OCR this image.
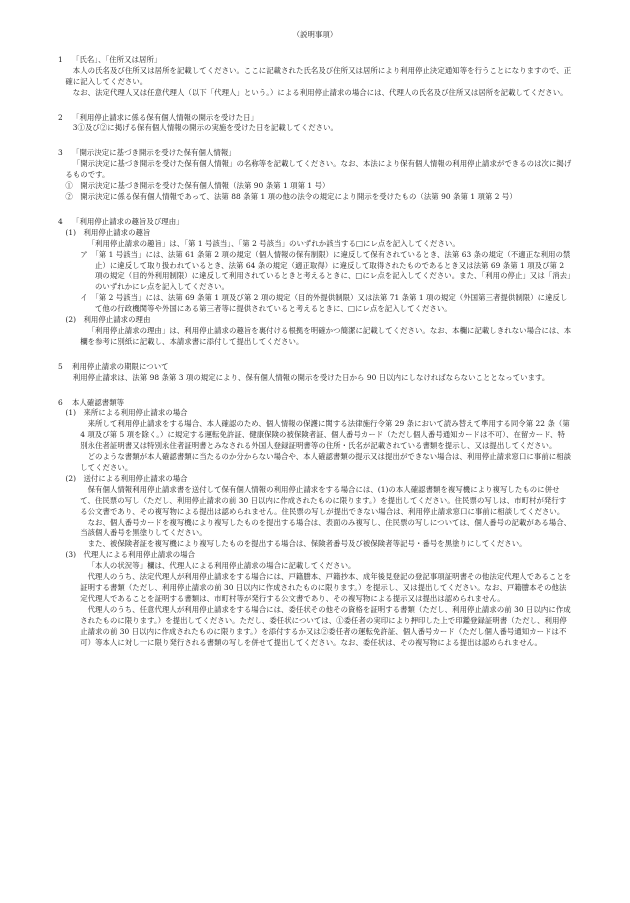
（説明事項）
1 「氏名」、「住所又は居所」
本人の氏名及び住所又は居所を記載してください。ここに記載された氏名及び住所又は居所により利用停止決定通知等を行うことになりますので、正確に記入してください。
なお、法定代理人又は任意代理人（以下「代理人」という。）による利用停止請求の場合には、代理人の氏名及び住所又は居所を記載してください。
2 「利用停止請求に係る保有個人情報の開示を受けた日」
3①及び②に掲げる保有個人情報の開示の実施を受けた日を記載してください。
3 「開示決定に基づき開示を受けた保有個人情報」
「開示決定に基づき開示を受けた保有個人情報」の名称等を記載してください。なお、本法により保有個人情報の利用停止請求ができるのは次に掲げるものです。
①　開示決定に基づき開示を受けた保有個人情報（法第 90 条第 1 項第 1 号）
②　開示決定に係る保有個人情報であって、法第 88 条第 1 項の他の法令の規定により開示を受けたもの（法第 90 条第 1 項第 2 号）
4 「利用停止請求の趣旨及び理由」
(1)　利用停止請求の趣旨
「利用停止請求の趣旨」は、「第 1 号該当」、「第 2 号該当」のいずれか該当する□にレ点を記入してください。
ア　「第 1 号該当」には、法第 61 条第 2 項の規定（個人情報の保有制限）に違反して保有されているとき、法第 63 条の規定（不適正な利用の禁止）に違反して取り扱われているとき、法第 64 条の規定（適正取得）に違反して取得されたものであるとき又は法第 69 条第 1 項及び第 2 項の規定（目的外利用制限）に違反して利用されているときと考えるときに、□にレ点を記入してください。また、「利用の停止」又は「消去」のいずれかにレ点を記入してください。
イ　「第 2 号該当」には、法第 69 条第 1 項及び第 2 項の規定（目的外提供制限）又は法第 71 条第 1 項の規定（外国第三者提供制限）に違反して他の行政機関等や外国にある第三者等に提供されていると考えるときに、□にレ点を記入してください。
(2)　利用停止請求の理由
「利用停止請求の理由」は、利用停止請求の趣旨を裏付ける根拠を明確かつ簡潔に記載してください。なお、本欄に記載しきれない場合には、本欄を参考に別紙に記載し、本請求書に添付して提出してください。
5 利用停止請求の期限について
利用停止請求は、法第 98 条第 3 項の規定により、保有個人情報の開示を受けた日から 90 日以内にしなければならないこととなっています。
6 本人確認書類等
(1)　来所による利用停止請求の場合
来所して利用停止請求をする場合、本人確認のため、個人情報の保護に関する法律施行令第 29 条において読み替えて準用する同令第 22 条（第 4 項及び第 5 項を除く。）に規定する運転免許証、健康保険の被保険者証、個人番号カード（ただし個人番号通知カードは不可）、在留カード、特別永住者証明書又は特別永住者証明書とみなされる外国人登録証明書等の住所・氏名が記載されている書類を提示し、又は提出してください。
どのような書類が本人確認書類に当たるのか分からない場合や、本人確認書類の提示又は提出ができない場合は、利用停止請求窓口に事前に相談してください。
(2)　送付による利用停止請求の場合
保有個人情報利用停止請求書を送付して保有個人情報の利用停止請求をする場合には、(1)の本人確認書類を複写機により複写したものに併せて、住民票の写し（ただし、利用停止請求の前 30 日以内に作成されたものに限ります。）を提出してください。住民票の写しは、市町村が発行する公文書であり、その複写物による提出は認められません。住民票の写しが提出できない場合は、利用停止請求窓口に事前に相談してください。
なお、個人番号カードを複写機により複写したものを提出する場合は、表面のみ複写し、住民票の写しについては、個人番号の記載がある場合、当該個人番号を黒塗りしてください。
また、被保険者証を複写機により複写したものを提出する場合は、保険者番号及び被保険者等記号・番号を黒塗りにしてください。
(3)　代理人による利用停止請求の場合
「本人の状況等」欄は、代理人による利用停止請求の場合に記載してください。
代理人のうち、法定代理人が利用停止請求をする場合には、戸籍謄本、戸籍抄本、成年後見登記の登記事項証明書その他法定代理人であることを証明する書類（ただし、利用停止請求の前 30 日以内に作成されたものに限ります。）を提示し、又は提出してください。なお、戸籍謄本その他法定代理人であることを証明する書類は、市町村等が発行する公文書であり、その複写物による提示又は提出は認められません。
代理人のうち、任意代理人が利用停止請求をする場合には、委任状その他その資格を証明する書類（ただし、利用停止請求の前 30 日以内に作成されたものに限ります。）を提出してください。ただし、委任状については、①委任者の実印により押印した上で印鑑登録証明書（ただし、利用停止請求の前 30 日以内に作成されたものに限ります。）を添付するか又は②委任者の運転免許証、個人番号カード（ただし個人番号通知カードは不可）等本人に対し一に限り発行される書類の写しを併せて提出してください。なお、委任状は、その複写物による提出は認められません。
